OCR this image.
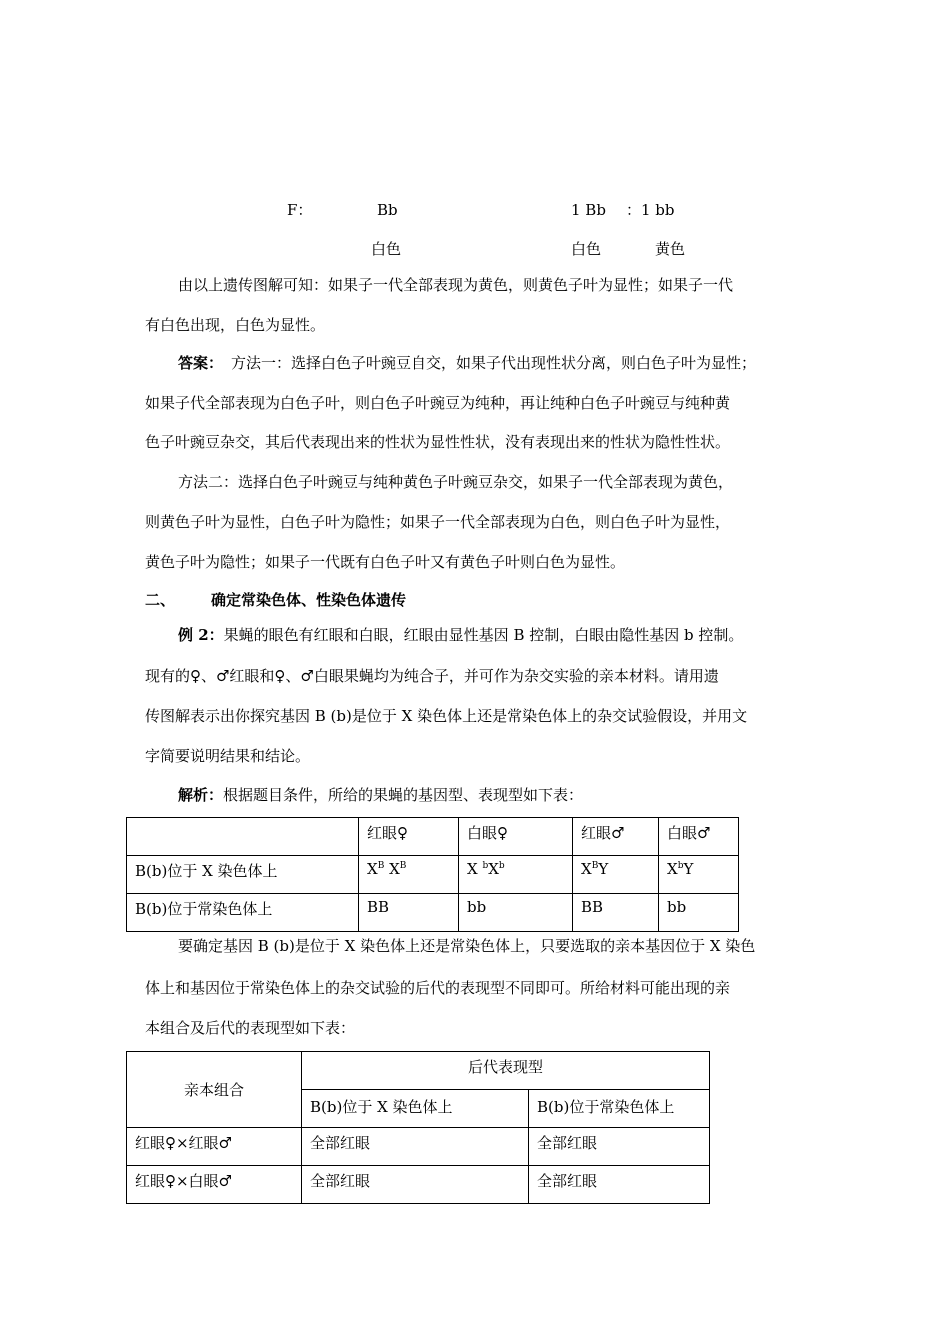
F：	Bb	1 Bb ：1 bb
白色	白色	黄色
由以上遗传图解可知：如果子一代全部表现为黄色，则黄色子叶为显性；如果子一代
有白色出现，白色为显性。
答案： 方法一：选择白色子叶豌豆自交，如果子代出现性状分离，则白色子叶为显性；
如果子代全部表现为白色子叶，则白色子叶豌豆为纯种，再让纯种白色子叶豌豆与纯种黄
色子叶豌豆杂交，其后代表现出来的性状为显性性状，没有表现出来的性状为隐性性状。
方法二：选择白色子叶豌豆与纯种黄色子叶豌豆杂交，如果子一代全部表现为黄色，
则黄色子叶为显性，白色子叶为隐性；如果子一代全部表现为白色，则白色子叶为显性，
黄色子叶为隐性；如果子一代既有白色子叶又有黄色子叶则白色为显性。
二、 确定常染色体、性染色体遗传
例 2：果蝇的眼色有红眼和白眼，红眼由显性基因 B 控制，白眼由隐性基因 b 控制。
现有的♀、♂红眼和♀、♂白眼果蝇均为纯合子，并可作为杂交实验的亲本材料。请用遗
传图解表示出你探究基因 B (b)是位于 X 染色体上还是常染色体上的杂交试验假设，并用文
字简要说明结果和结论。
解析：根据题目条件，所给的果蝇的基因型、表现型如下表：
	红眼♀	白眼♀	红眼♂	白眼♂
B(b)位于 X 染色体上	$X^B$ $X^B$	X $^bX^b$	$X^BY$	$X^bY$
B(b)位于常染色体上	BB	bb	BB	bb
要确定基因 B (b)是位于 X 染色体上还是常染色体上，只要选取的亲本基因位于 X 染色
体上和基因位于常染色体上的杂交试验的后代的表现型不同即可。所给材料可能出现的亲
本组合及后代的表现型如下表：
亲本组合	后代表现型	
	B(b)位于 X 染色体上	B(b)位于常染色体上
红眼♀×红眼♂	全部红眼	全部红眼
红眼♀×白眼♂	全部红眼	全部红眼
